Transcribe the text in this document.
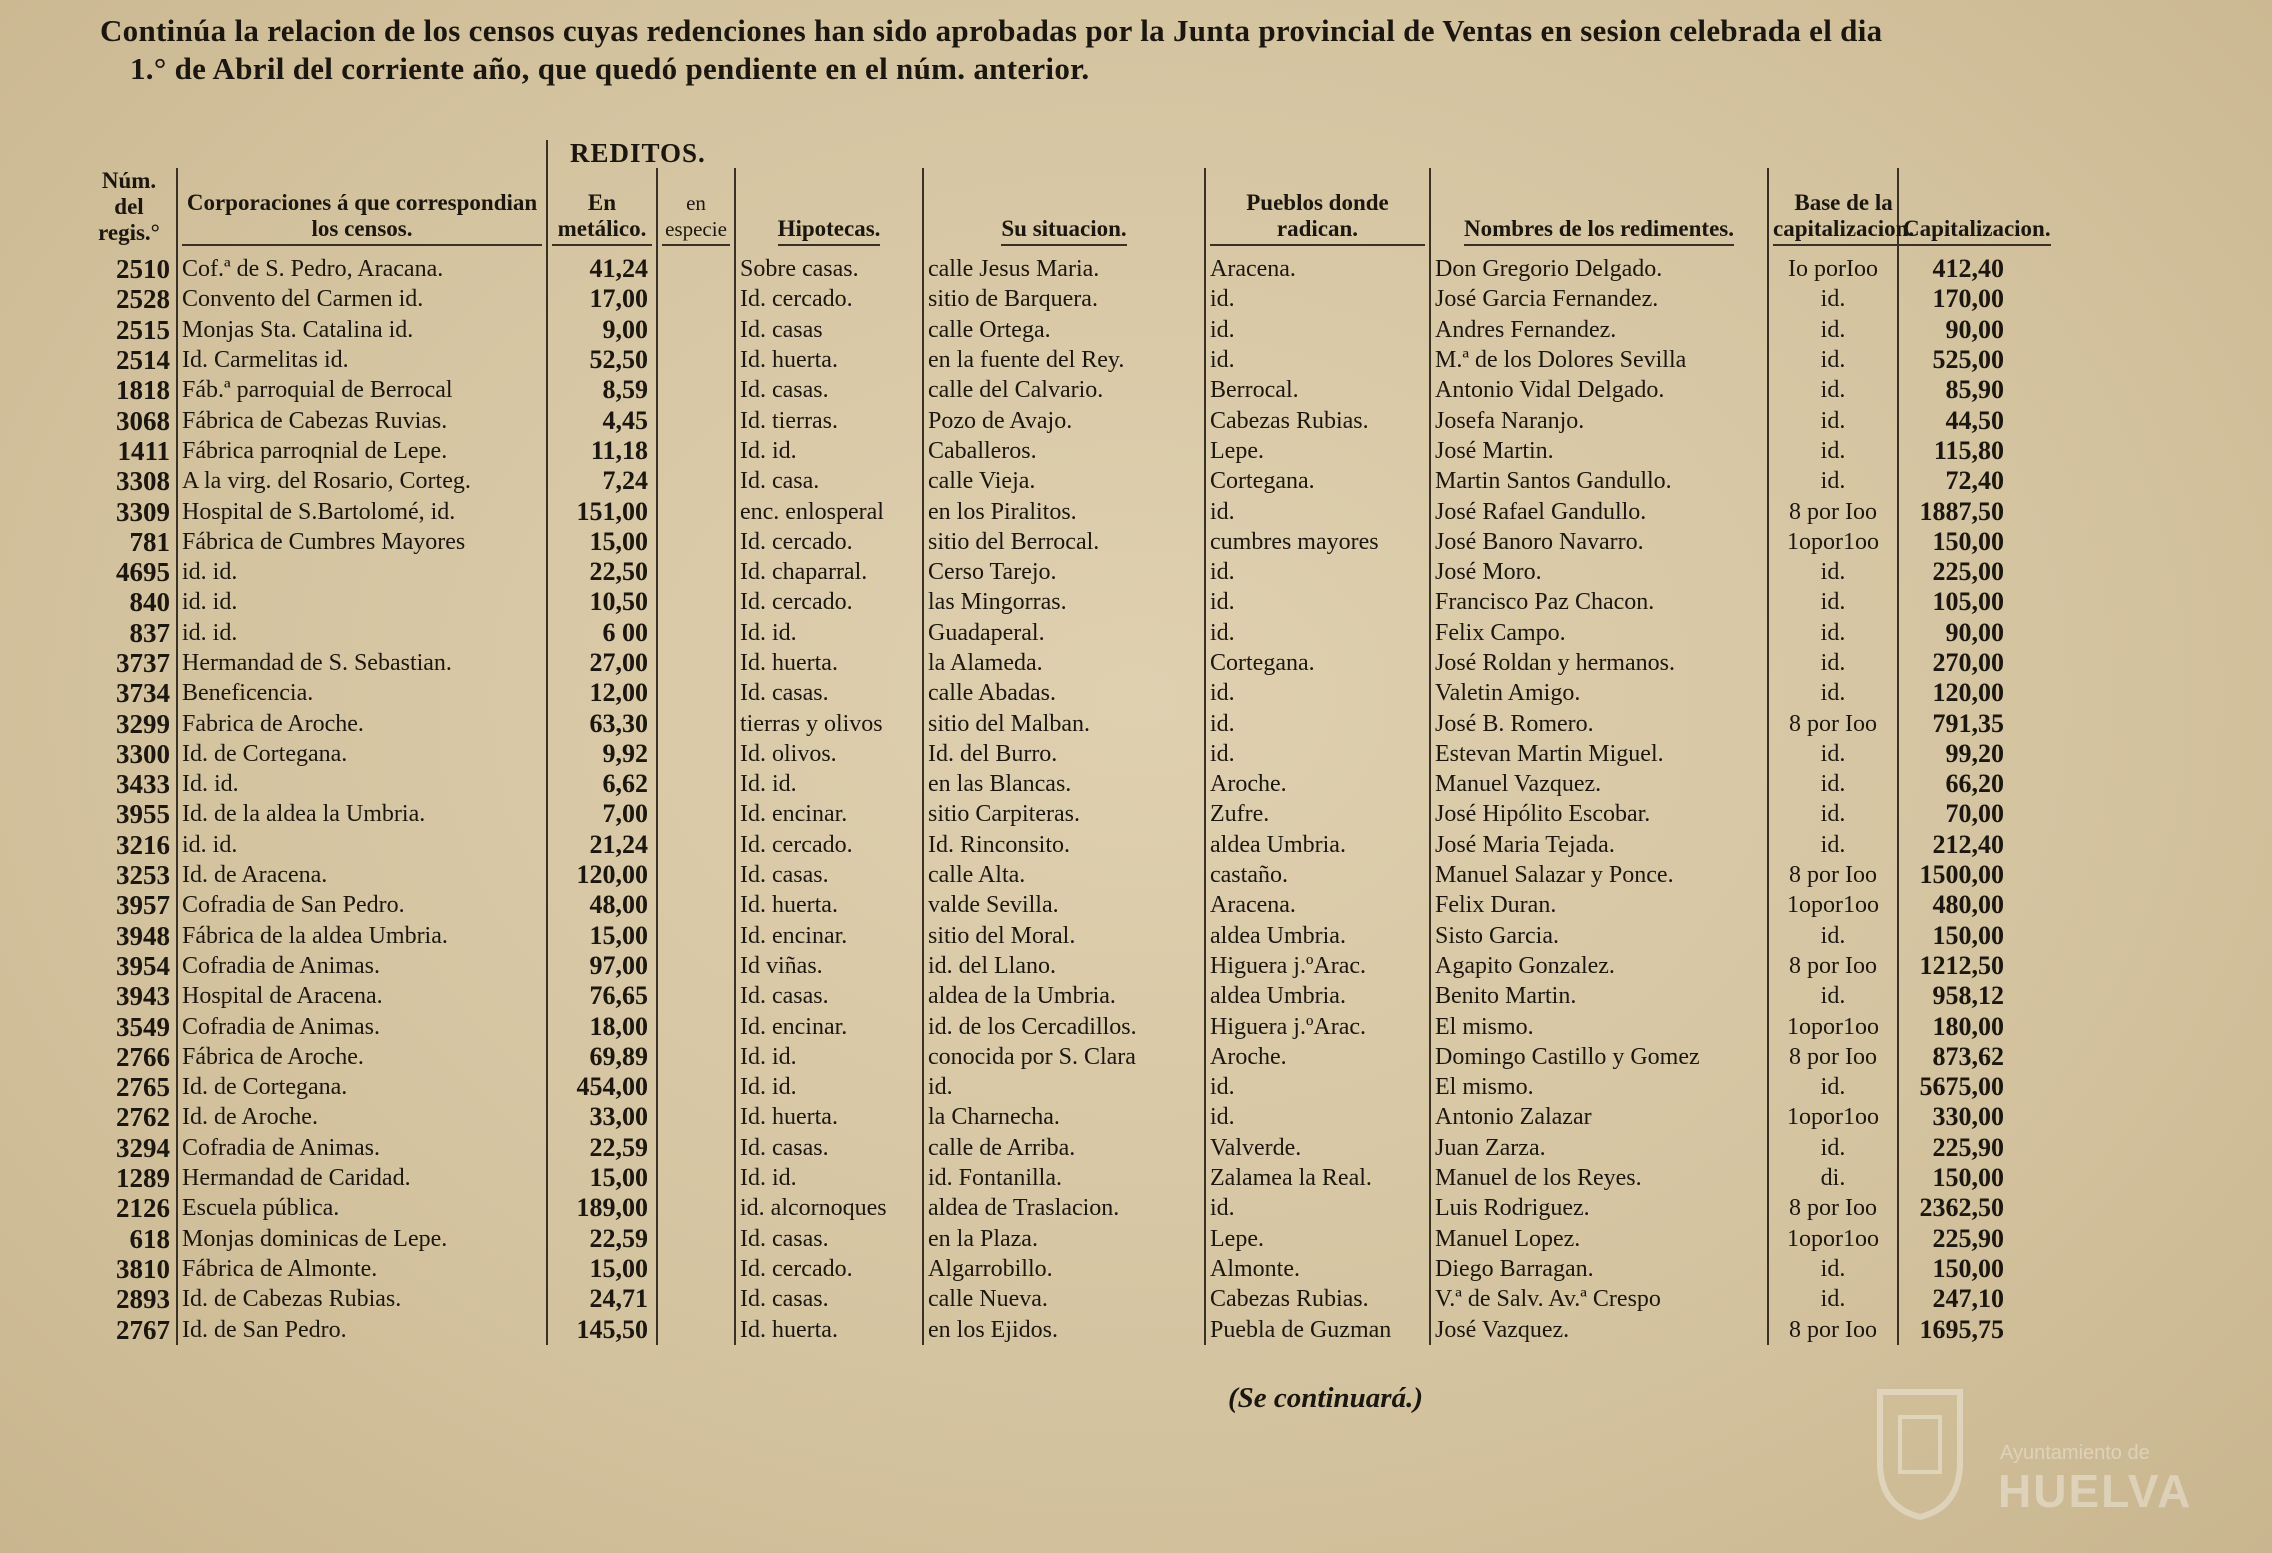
Continúa la relacion de los censos cuyas redenciones han sido aprobadas por la Junta provincial de Ventas en sesion celebrada el dia
1.° de Abril del corriente año, que quedó pendiente en el núm. anterior.
		REDITOS.							
Núm. del regis.°	Corporaciones á que correspondian los censos.	En metálico.	en especie	Hipotecas.	Su situacion.	Pueblos donde radican.	Nombres de los redimentes.	Base de la capitalizacion.	Capitalizacion.
2510	Cof.ª de S. Pedro, Aracana.	41,24		Sobre casas.	calle Jesus Maria.	Aracena.	Don Gregorio Delgado.	Io porIoo	412,40
2528	Convento del Carmen id.	17,00		Id. cercado.	sitio de Barquera.	id.	José Garcia Fernandez.	id.	170,00
2515	Monjas Sta. Catalina id.	9,00		Id. casas	calle Ortega.	id.	Andres Fernandez.	id.	90,00
2514	Id. Carmelitas id.	52,50		Id. huerta.	en la fuente del Rey.	id.	M.ª de los Dolores Sevilla	id.	525,00
1818	Fáb.ª parroquial de Berrocal	8,59		Id. casas.	calle del Calvario.	Berrocal.	Antonio Vidal Delgado.	id.	85,90
3068	Fábrica de Cabezas Ruvias.	4,45		Id. tierras.	Pozo de Avajo.	Cabezas Rubias.	Josefa Naranjo.	id.	44,50
1411	Fábrica parroqnial de Lepe.	11,18		Id. id.	Caballeros.	Lepe.	José Martin.	id.	115,80
3308	A la virg. del Rosario, Corteg.	7,24		Id. casa.	calle Vieja.	Cortegana.	Martin Santos Gandullo.	id.	72,40
3309	Hospital de S.Bartolomé, id.	151,00		enc. enlosperal	en los Piralitos.	id.	José Rafael Gandullo.	8 por Ioo	1887,50
781	Fábrica de Cumbres Mayores	15,00		Id. cercado.	sitio del Berrocal.	cumbres mayores	José Banoro Navarro.	1opor1oo	150,00
4695	id. id.	22,50		Id. chaparral.	Cerso Tarejo.	id.	José Moro.	id.	225,00
840	id. id.	10,50		Id. cercado.	las Mingorras.	id.	Francisco Paz Chacon.	id.	105,00
837	id. id.	6 00		Id. id.	Guadaperal.	id.	Felix Campo.	id.	90,00
3737	Hermandad de S. Sebastian.	27,00		Id. huerta.	la Alameda.	Cortegana.	José Roldan y hermanos.	id.	270,00
3734	Beneficencia.	12,00		Id. casas.	calle Abadas.	id.	Valetin Amigo.	id.	120,00
3299	Fabrica de Aroche.	63,30		tierras y olivos	sitio del Malban.	id.	José B. Romero.	8 por Ioo	791,35
3300	Id. de Cortegana.	9,92		Id. olivos.	Id. del Burro.	id.	Estevan Martin Miguel.	id.	99,20
3433	Id. id.	6,62		Id. id.	en las Blancas.	Aroche.	Manuel Vazquez.	id.	66,20
3955	Id. de la aldea la Umbria.	7,00		Id. encinar.	sitio Carpiteras.	Zufre.	José Hipólito Escobar.	id.	70,00
3216	id. id.	21,24		Id. cercado.	Id. Rinconsito.	aldea Umbria.	José Maria Tejada.	id.	212,40
3253	Id. de Aracena.	120,00		Id. casas.	calle Alta.	castaño.	Manuel Salazar y Ponce.	8 por Ioo	1500,00
3957	Cofradia de San Pedro.	48,00		Id. huerta.	valde Sevilla.	Aracena.	Felix Duran.	1opor1oo	480,00
3948	Fábrica de la aldea Umbria.	15,00		Id. encinar.	sitio del Moral.	aldea Umbria.	Sisto Garcia.	id.	150,00
3954	Cofradia de Animas.	97,00		Id viñas.	id. del Llano.	Higuera j.ºArac.	Agapito Gonzalez.	8 por Ioo	1212,50
3943	Hospital de Aracena.	76,65		Id. casas.	aldea de la Umbria.	aldea Umbria.	Benito Martin.	id.	958,12
3549	Cofradia de Animas.	18,00		Id. encinar.	id. de los Cercadillos.	Higuera j.ºArac.	El mismo.	1opor1oo	180,00
2766	Fábrica de Aroche.	69,89		Id. id.	conocida por S. Clara	Aroche.	Domingo Castillo y Gomez	8 por Ioo	873,62
2765	Id. de Cortegana.	454,00		Id. id.	id.	id.	El mismo.	id.	5675,00
2762	Id. de Aroche.	33,00		Id. huerta.	la Charnecha.	id.	Antonio Zalazar	1opor1oo	330,00
3294	Cofradia de Animas.	22,59		Id. casas.	calle de Arriba.	Valverde.	Juan Zarza.	id.	225,90
1289	Hermandad de Caridad.	15,00		Id. id.	id. Fontanilla.	Zalamea la Real.	Manuel de los Reyes.	di.	150,00
2126	Escuela pública.	189,00		id. alcornoques	aldea de Traslacion.	id.	Luis Rodriguez.	8 por Ioo	2362,50
618	Monjas dominicas de Lepe.	22,59		Id. casas.	en la Plaza.	Lepe.	Manuel Lopez.	1opor1oo	225,90
3810	Fábrica de Almonte.	15,00		Id. cercado.	Algarrobillo.	Almonte.	Diego Barragan.	id.	150,00
2893	Id. de Cabezas Rubias.	24,71		Id. casas.	calle Nueva.	Cabezas Rubias.	V.ª de Salv. Av.ª Crespo	id.	247,10
2767	Id. de San Pedro.	145,50		Id. huerta.	en los Ejidos.	Puebla de Guzman	José Vazquez.	8 por Ioo	1695,75
(Se continuará.)
Ayuntamiento de
HUELVA
